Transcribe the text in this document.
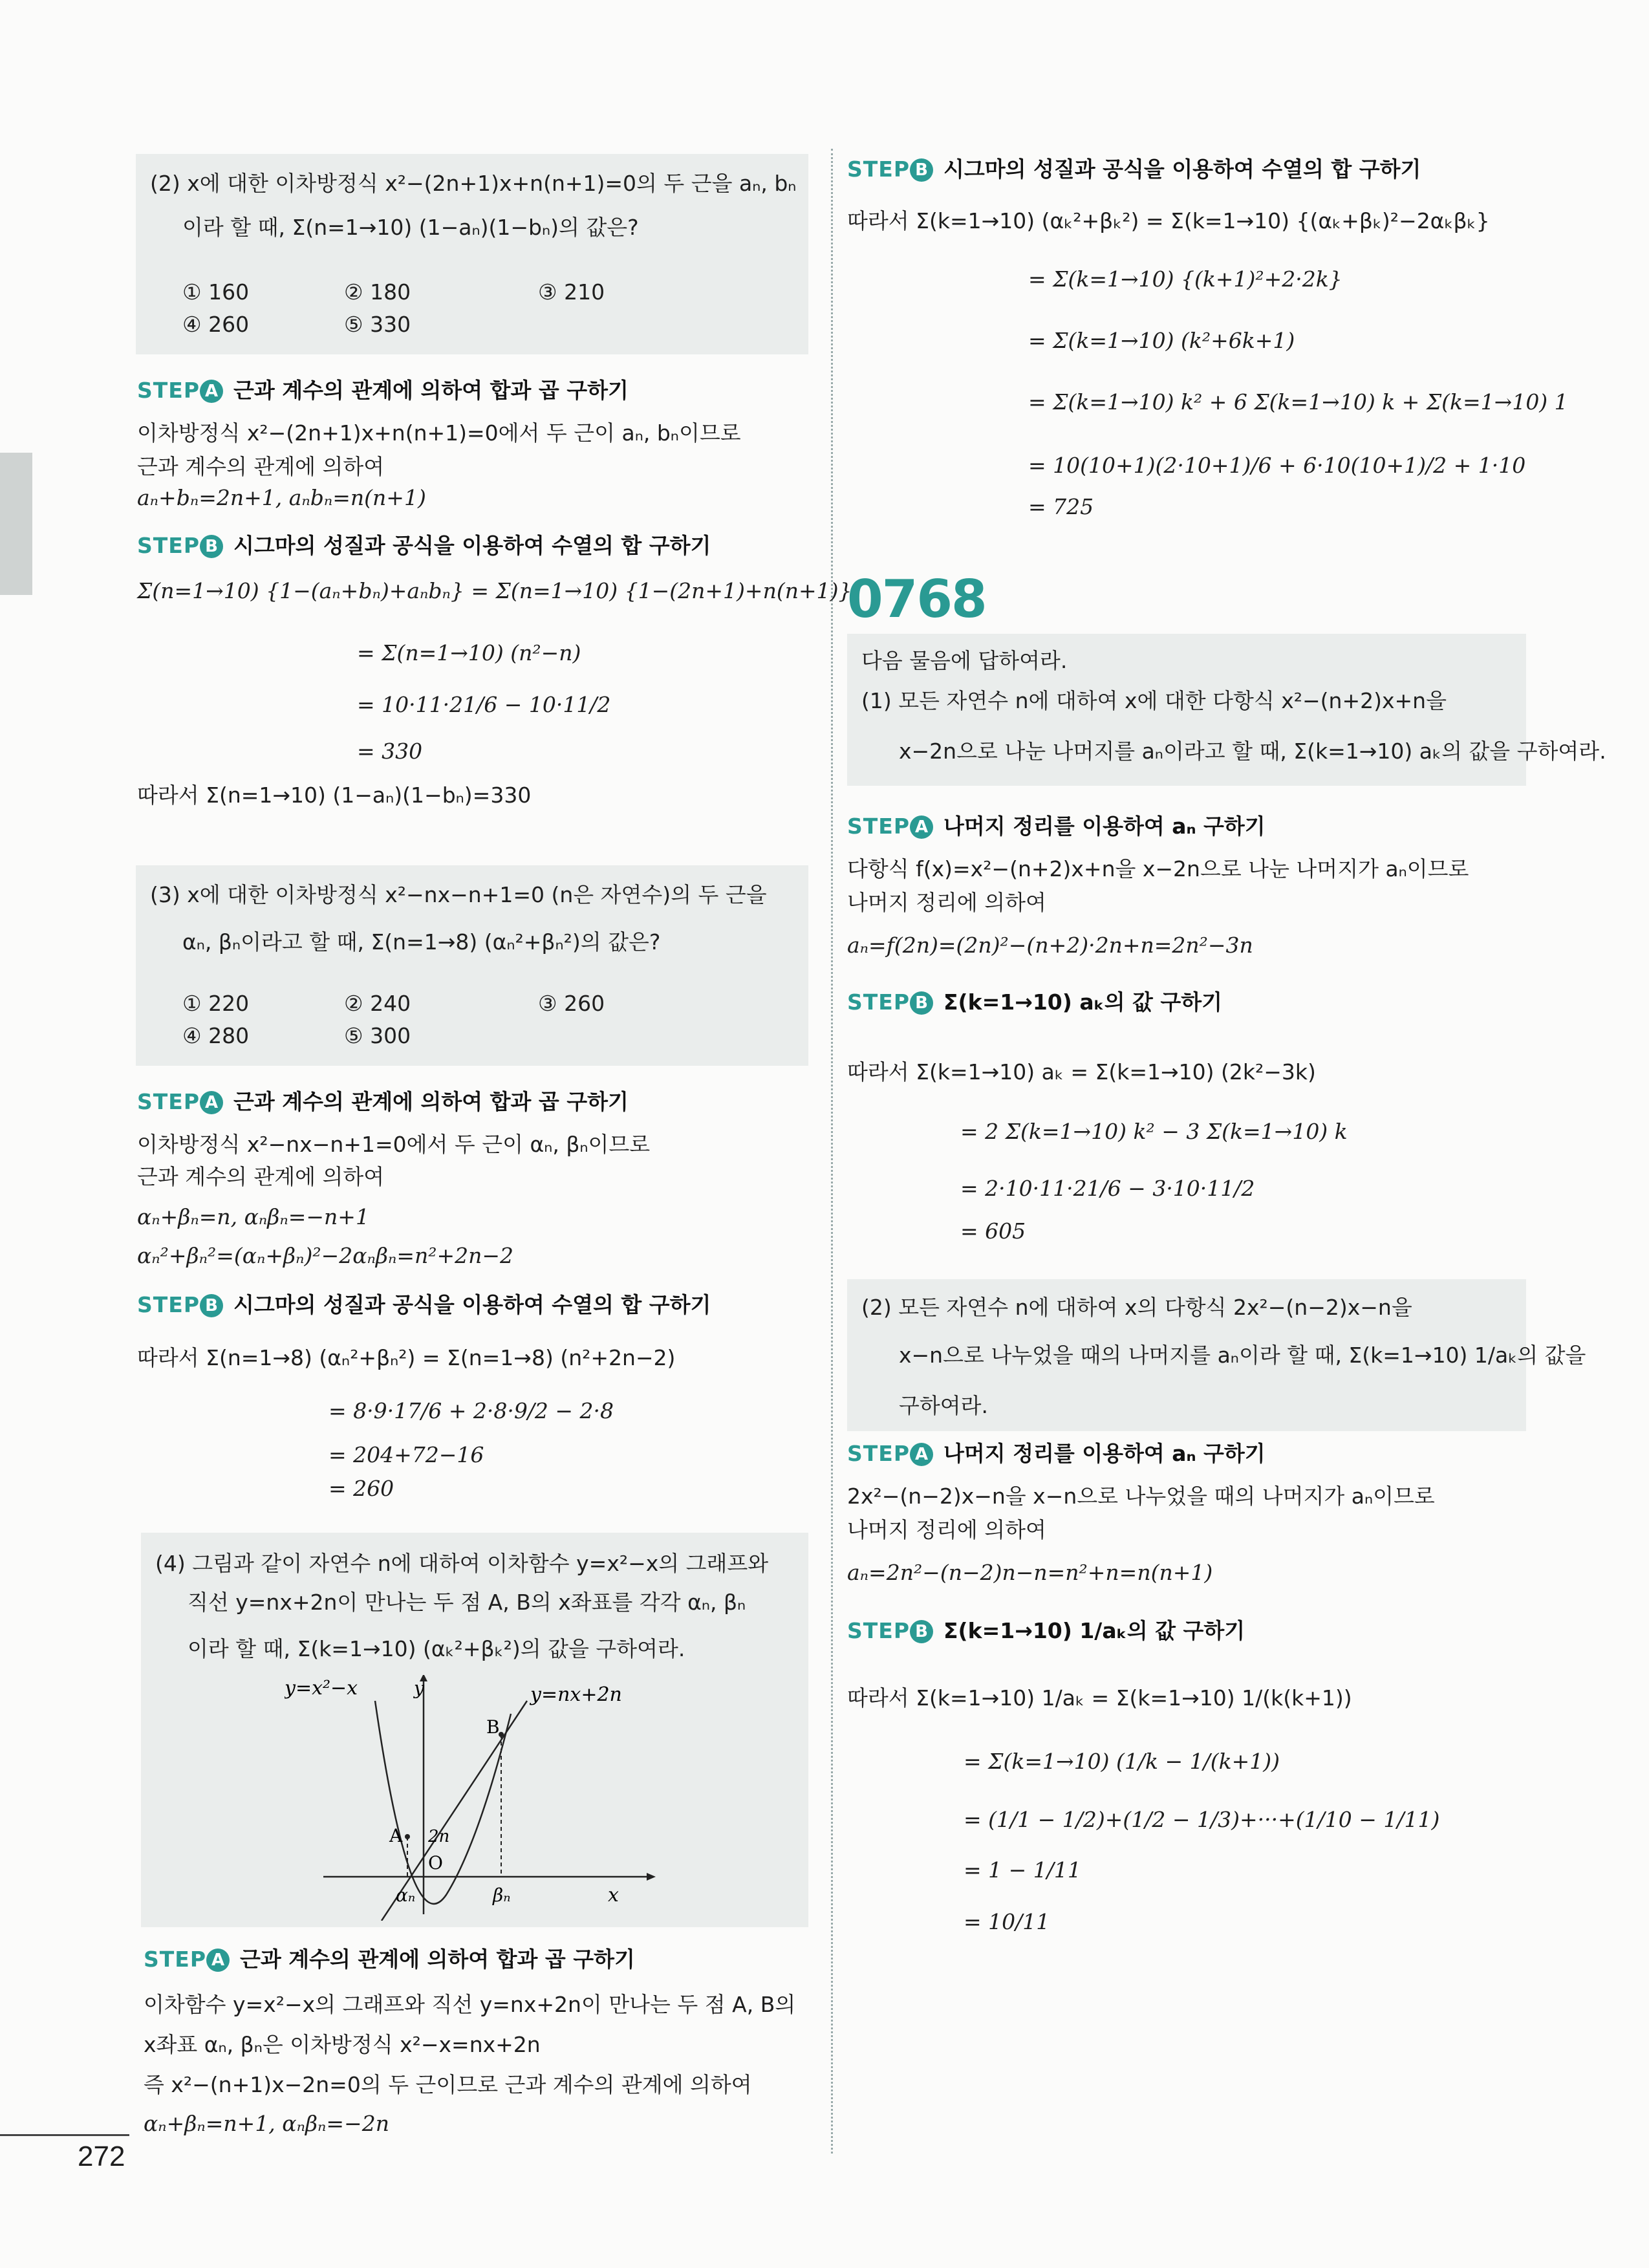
(2) x에 대한 이차방정식 x²−(2n+1)x+n(n+1)=0의 두 근을 aₙ, bₙ
이라 할 때, Σ(n=1→10) (1−aₙ)(1−bₙ)의 값은?
① 160	② 180	③ 210
④ 260	⑤ 330
STEP A 근과 계수의 관계에 의하여 합과 곱 구하기
이차방정식 x²−(2n+1)x+n(n+1)=0에서 두 근이 aₙ, bₙ이므로
근과 계수의 관계에 의하여
aₙ+bₙ=2n+1, aₙbₙ=n(n+1)
STEP B 시그마의 성질과 공식을 이용하여 수열의 합 구하기
Σ(n=1→10) {1−(aₙ+bₙ)+aₙbₙ} = Σ(n=1→10) {1−(2n+1)+n(n+1)}
= Σ(n=1→10) (n²−n)
= 10·11·21/6 − 10·11/2
= 330
따라서 Σ(n=1→10) (1−aₙ)(1−bₙ)=330
(3) x에 대한 이차방정식 x²−nx−n+1=0 (n은 자연수)의 두 근을
αₙ, βₙ이라고 할 때, Σ(n=1→8) (αₙ²+βₙ²)의 값은?
① 220	② 240	③ 260
④ 280	⑤ 300
STEP A 근과 계수의 관계에 의하여 합과 곱 구하기
이차방정식 x²−nx−n+1=0에서 두 근이 αₙ, βₙ이므로
근과 계수의 관계에 의하여
αₙ+βₙ=n, αₙβₙ=−n+1
αₙ²+βₙ²=(αₙ+βₙ)²−2αₙβₙ=n²+2n−2
STEP B 시그마의 성질과 공식을 이용하여 수열의 합 구하기
따라서 Σ(n=1→8) (αₙ²+βₙ²) = Σ(n=1→8) (n²+2n−2)
= 8·9·17/6 + 2·8·9/2 − 2·8
= 204+72−16
= 260
(4) 그림과 같이 자연수 n에 대하여 이차함수 y=x²−x의 그래프와
직선 y=nx+2n이 만나는 두 점 A, B의 x좌표를 각각 αₙ, βₙ
이라 할 때, Σ(k=1→10) (αₖ²+βₖ²)의 값을 구하여라.
y=x²−x	y	y=nx+2n
B
A 2n
O
αₙ	βₙ	x
STEP A 근과 계수의 관계에 의하여 합과 곱 구하기
이차함수 y=x²−x의 그래프와 직선 y=nx+2n이 만나는 두 점 A, B의
x좌표 αₙ, βₙ은 이차방정식 x²−x=nx+2n
즉 x²−(n+1)x−2n=0의 두 근이므로 근과 계수의 관계에 의하여
αₙ+βₙ=n+1, αₙβₙ=−2n
STEP B 시그마의 성질과 공식을 이용하여 수열의 합 구하기
따라서 Σ(k=1→10) (αₖ²+βₖ²) = Σ(k=1→10) {(αₖ+βₖ)²−2αₖβₖ}
= Σ(k=1→10) {(k+1)²+2·2k}
= Σ(k=1→10) (k²+6k+1)
= Σ(k=1→10) k² + 6 Σ(k=1→10) k + Σ(k=1→10) 1
= 10(10+1)(2·10+1)/6 + 6·10(10+1)/2 + 1·10
= 725
0768
다음 물음에 답하여라.
(1) 모든 자연수 n에 대하여 x에 대한 다항식 x²−(n+2)x+n을
x−2n으로 나눈 나머지를 aₙ이라고 할 때, Σ(k=1→10) aₖ의 값을 구하여라.
STEP A 나머지 정리를 이용하여 aₙ 구하기
다항식 f(x)=x²−(n+2)x+n을 x−2n으로 나눈 나머지가 aₙ이므로
나머지 정리에 의하여
aₙ=f(2n)=(2n)²−(n+2)·2n+n=2n²−3n
STEP B Σ(k=1→10) aₖ의 값 구하기
따라서 Σ(k=1→10) aₖ = Σ(k=1→10) (2k²−3k)
= 2 Σ(k=1→10) k² − 3 Σ(k=1→10) k
= 2·10·11·21/6 − 3·10·11/2
= 605
(2) 모든 자연수 n에 대하여 x의 다항식 2x²−(n−2)x−n을
x−n으로 나누었을 때의 나머지를 aₙ이라 할 때, Σ(k=1→10) 1/aₖ의 값을
구하여라.
STEP A 나머지 정리를 이용하여 aₙ 구하기
2x²−(n−2)x−n을 x−n으로 나누었을 때의 나머지가 aₙ이므로
나머지 정리에 의하여
aₙ=2n²−(n−2)n−n=n²+n=n(n+1)
STEP B Σ(k=1→10) 1/aₖ의 값 구하기
따라서 Σ(k=1→10) 1/aₖ = Σ(k=1→10) 1/(k(k+1))
= Σ(k=1→10) (1/k − 1/(k+1))
= (1/1 − 1/2)+(1/2 − 1/3)+···+(1/10 − 1/11)
= 1 − 1/11
= 10/11
272
